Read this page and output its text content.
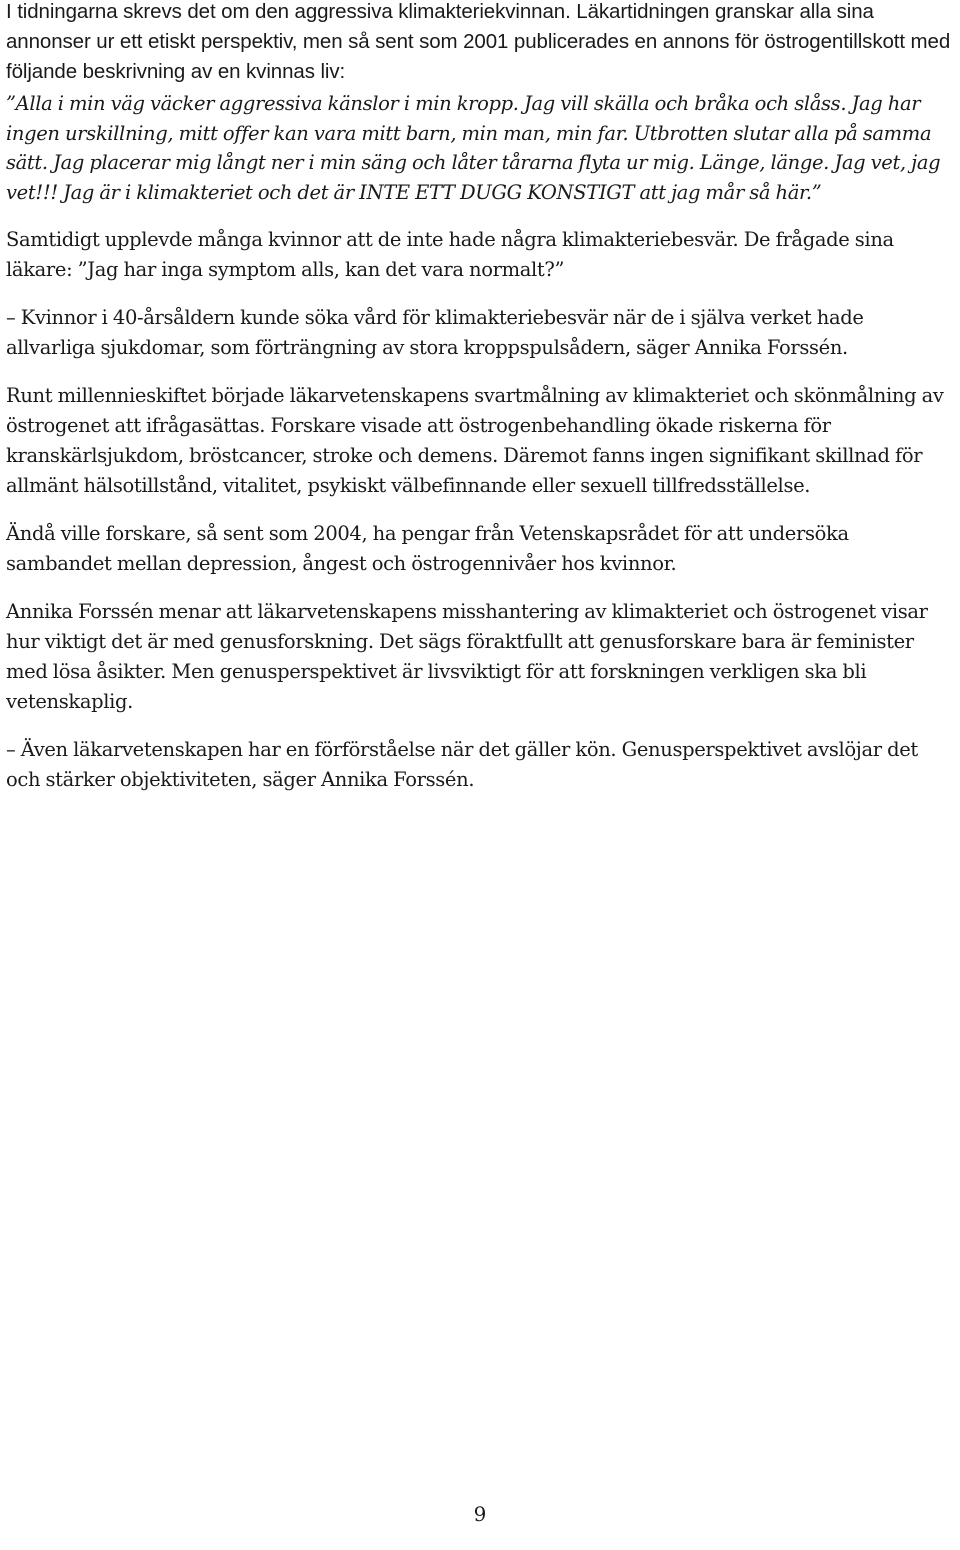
I tidningarna skrevs det om den aggressiva klimakteriekvinnan. Läkartidningen granskar alla sina annonser ur ett etiskt perspektiv, men så sent som 2001 publicerades en annons för östrogentillskott med följande beskrivning av en kvinnas liv:

”Alla i min väg väcker aggressiva känslor i min kropp. Jag vill skälla och bråka och slåss. Jag har ingen urskillning, mitt offer kan vara mitt barn, min man, min far. Utbrotten slutar alla på samma sätt. Jag placerar mig långt ner i min säng och låter tårarna flyta ur mig. Länge, länge. Jag vet, jag vet!!! Jag är i klimakteriet och det är INTE ETT DUGG KONSTIGT att jag mår så här.”

Samtidigt upplevde många kvinnor att de inte hade några klimakteriebesvär. De frågade sina läkare: ”Jag har inga symptom alls, kan det vara normalt?”

– Kvinnor i 40-årsåldern kunde söka vård för klimakteriebesvär när de i själva verket hade allvarliga sjukdomar, som förträngning av stora kroppspulsådern, säger Annika Forssén.

Runt millennieskiftet började läkarvetenskapens svartmålning av klimakteriet och skönmålning av östrogenet att ifrågasättas. Forskare visade att östrogenbehandling ökade riskerna för kranskärlsjukdom, bröstcancer, stroke och demens. Däremot fanns ingen signifikant skillnad för allmänt hälsotillstånd, vitalitet, psykiskt välbefinnande eller sexuell tillfredsställelse.

Ändå ville forskare, så sent som 2004, ha pengar från Vetenskapsrådet för att undersöka sambandet mellan depression, ångest och östrogennivåer hos kvinnor.

Annika Forssén menar att läkarvetenskapens misshantering av klimakteriet och östrogenet visar hur viktigt det är med genusforskning. Det sägs föraktfullt att genusforskare bara är feminister med lösa åsikter. Men genusperspektivet är livsviktigt för att forskningen verkligen ska bli vetenskaplig.

– Även läkarvetenskapen har en förförståelse när det gäller kön. Genusperspektivet avslöjar det och stärker objektiviteten, säger Annika Forssén.

9
